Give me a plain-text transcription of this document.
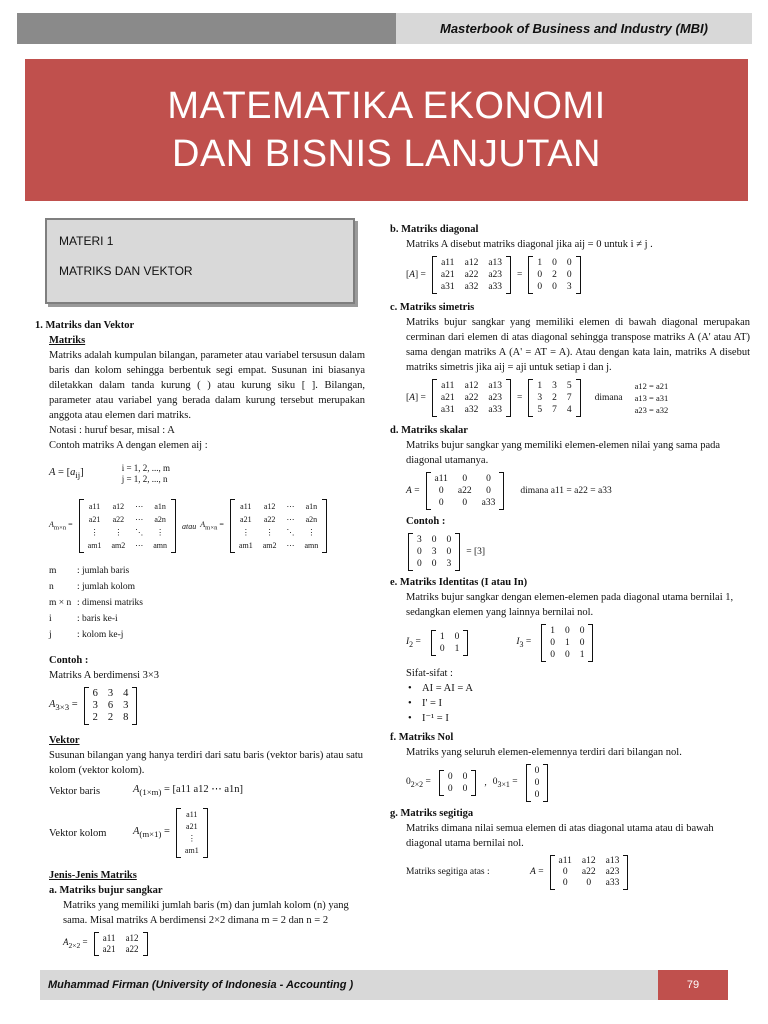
Masterbook of Business and Industry (MBI)
MATEMATIKA EKONOMI
DAN BISNIS LANJUTAN
MATERI 1
MATRIKS DAN VEKTOR

1. Matriks dan Vektor

Matriks

Matriks adalah kumpulan bilangan, parameter atau variabel tersusun dalam baris dan kolom sehingga berbentuk segi empat. Susunan ini biasanya diletakkan dalam tanda kurung ( ) atau kurung siku [ ]. Bilangan, parameter atau variabel yang berada dalam kurung tersebut merupakan anggota atau elemen dari matriks.

Notasi : huruf besar, misal : A

Contoh matriks A dengan elemen aij :

$A = [a_{ij}]$	i = 1, 2, ..., m
j = 1, 2, ..., n
$A_{m\times n}$ =
a11 a12 ⋯ a1n
a21 a22 ⋯ a2n
⋮	⋮	⋱	⋮
am1 am2 ⋯ amn
atau $A_{m\times n}$ =
a11 a12 ⋯ a1n
a21 a22 ⋯ a2n
⋮	⋮	⋱	⋮
am1 am2 ⋯ amn
m	: jumlah baris
n	: jumlah kolom
m × n : dimensi matriks
i	: baris ke-i
j	: kolom ke-j

Contoh :

Matriks A berdimensi 3×3

$A_{3\times 3}$ =
6 3 4
3 6 3
2 2 8

Vektor

Susunan bilangan yang hanya terdiri dari satu baris (vektor baris) atau satu kolom (vektor kolom).

Vektor baris	$A_{(1\times m)} = [a11$ a12 ⋯ a1n]
Vektor kolom	$A_{(m\times 1)}$ =
a11
a21
⋮
am1

Jenis-Jenis Matriks

a. Matriks bujur sangkar

Matriks yang memiliki jumlah baris (m) dan jumlah kolom (n) yang sama. Misal matriks A berdimensi 2×2 dimana m = 2 dan n = 2

$A_{2\times 2} = a11$ a12
a21 a22

b. Matriks diagonal

Matriks A disebut matriks diagonal jika aij = 0 untuk i ≠ j .

[A] =
a11 a12 a13
a21 a22 a23
a31 a32 a33
=
1 0 0
0 2 0
0 0 3

c. Matriks simetris

Matriks bujur sangkar yang memiliki elemen di bawah diagonal merupakan cerminan dari elemen di atas diagonal sehingga transpose matriks A (A' atau AT) sama dengan matriks A (A' = AT = A). Atau dengan kata lain, matriks A disebut matriks simetris jika aij = aji untuk setiap i dan j.

[A] =
a11 a12 a13
a21 a22 a23
a31 a32 a33
=
1 3 5
3 2 7
5 7 4
dimana
a12 = a21
a13 = a31
a23 = a32

d. Matriks skalar

Matriks bujur sangkar yang memiliki elemen-elemen nilai yang sama pada diagonal utamanya.

A =
a11	0	0
0	a22	0
0	0	a33
dimana a11 = a22 = a33

Contoh :

3 0 0
0 3 0
0 0 3
= [3]

e. Matriks Identitas (I atau In)

Matriks bujur sangkar dengan elemen-elemen pada diagonal utama bernilai 1, sedangkan elemen yang lainnya bernilai nol.

$I_2 = 1$ 0
0 1
$I_3$ =
1 0 0
0 1 0
0 0 1

Sifat-sifat :

• AI = AI = A

• I' = I

• I⁻¹ = I

f. Matriks Nol

Matriks yang seluruh elemen-elemennya terdiri dari bilangan nol.

$0_{2\times 2} = 0$ 0
0 0
, $0_{3\times 1}$ =
0
0
0

g. Matriks segitiga

Matriks dimana nilai semua elemen di atas diagonal utama atau di bawah diagonal utama bernilai nol.

Matriks segitiga atas :	A =
a11 a12 a13
0	a22 a23
0	0	a33
Muhammad Firman (University of Indonesia - Accounting )	79
